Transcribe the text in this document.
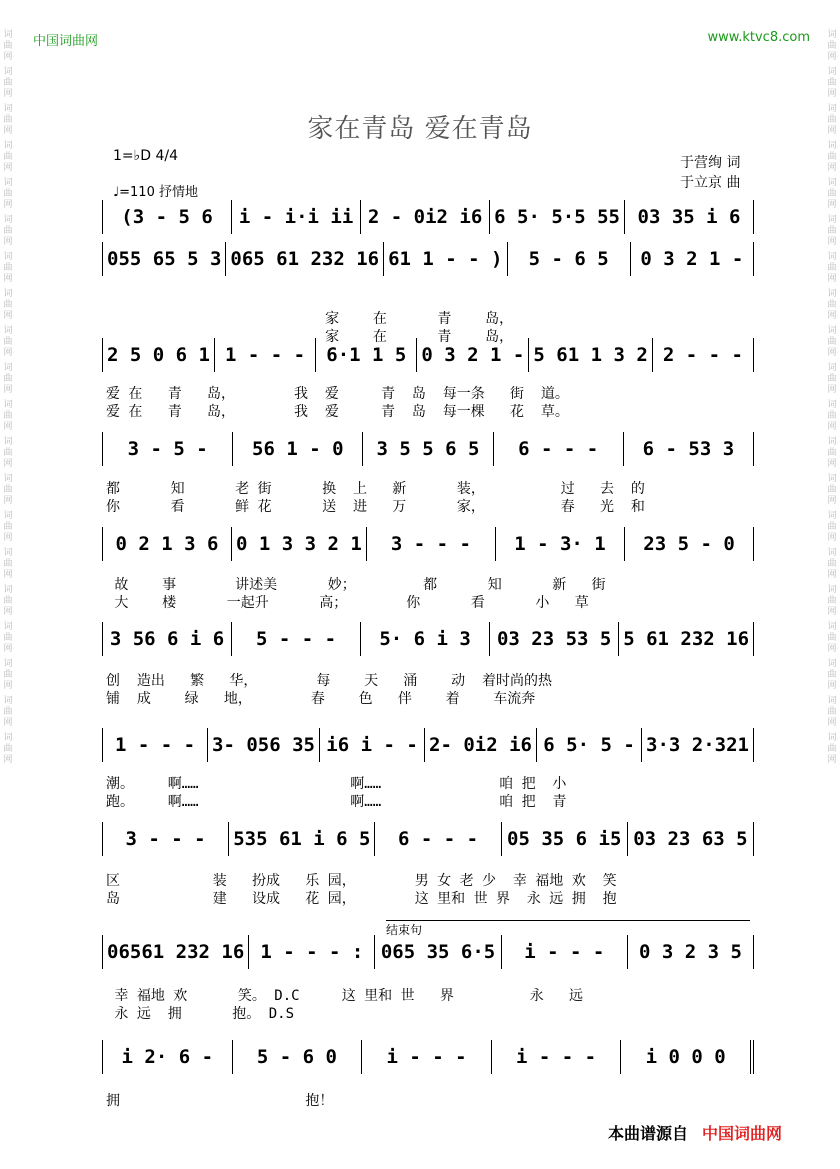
中国词曲网	www.ktvc8.com
词曲网
词曲网
词曲网
词曲网
词曲网
词曲网
词曲网
词曲网
词曲网
词曲网
词曲网
词曲网
词曲网
词曲网
词曲网
词曲网
词曲网
词曲网
词曲网
词曲网
词曲网
词曲网
词曲网
词曲网
词曲网
词曲网
词曲网
词曲网
词曲网
词曲网
词曲网
词曲网
词曲网
词曲网
词曲网
词曲网
词曲网
词曲网
词曲网
词曲网
家在青岛 爱在青岛
1=♭D 4/4
♩=110 抒情地
于营绚 词
于立京 曲
(3 - 5 6	i - i·i ii 2 - 0i2 i6 6 5· 5·5 55 03 35 i 6
055 65 5 3 065 61 232 16 61 1 - - )	5 - 6 5	0 3 2 1 -
2 5 0 6 1 1 - - -	6·1 1 5 0 3 2 1 - 5 61 1 3 2 2 - - -
3 - 5 -	56 1 - 0	3 5 5 6 5	6 - - -	6 - 53 3
0 2 1 3 6 0 1 3 3 2 1	3 - - -	1 - 3· 1	23 5 - 0
3 56 6 i 6	5 - - -	5· 6 i 3	03 23 53 5 5 61 232 16
1 - - - 3- 056 35 i6 i - - 2- 0i2 i6 6 5· 5 - 3·3 2·321
3 - - -	535 61 i 6 5	6 - - -	05 35 6 i5 03 23 63 5
06561 232 16 1 - - - : 065 35 6·5	i - - -	0 3 2 3 5
i 2· 6 -	5 - 6 0	i - - -	i - - -	i 0 0 0
家    在      青    岛，
家    在      青    岛，
爱 在   青   岛，       我  爱     青  岛  每一条   街  道。
爱 在   青   岛，       我  爱     青  岛  每一棵   花  草。
都      知      老 街      换  上   新      装，         过   去  的
你      看      鲜 花      送  进   万      家，         春   光  和
故    事       讲述美      妙；        都      知      新   街
大    楼      一起升      高；       你      看      小   草
创  造出   繁   华，       每    天   涌    动  着时尚的热
铺  成    绿   地，       春    色   伴    着    车流奔
潮。    啊……                  啊……              咱 把  小
跑。    啊……                  啊……              咱 把  青
区           装   扮成   乐 园，       男 女 老 少  幸 福地 欢  笑
岛           建   设成   花 园，       这 里和 世 界  永 远 拥  抱
幸 福地 欢      笑。 D.C     这 里和 世   界         永   远
永 远  拥      抱。 D.S
拥                      抱！
结束句
本曲谱源自 中国词曲网
